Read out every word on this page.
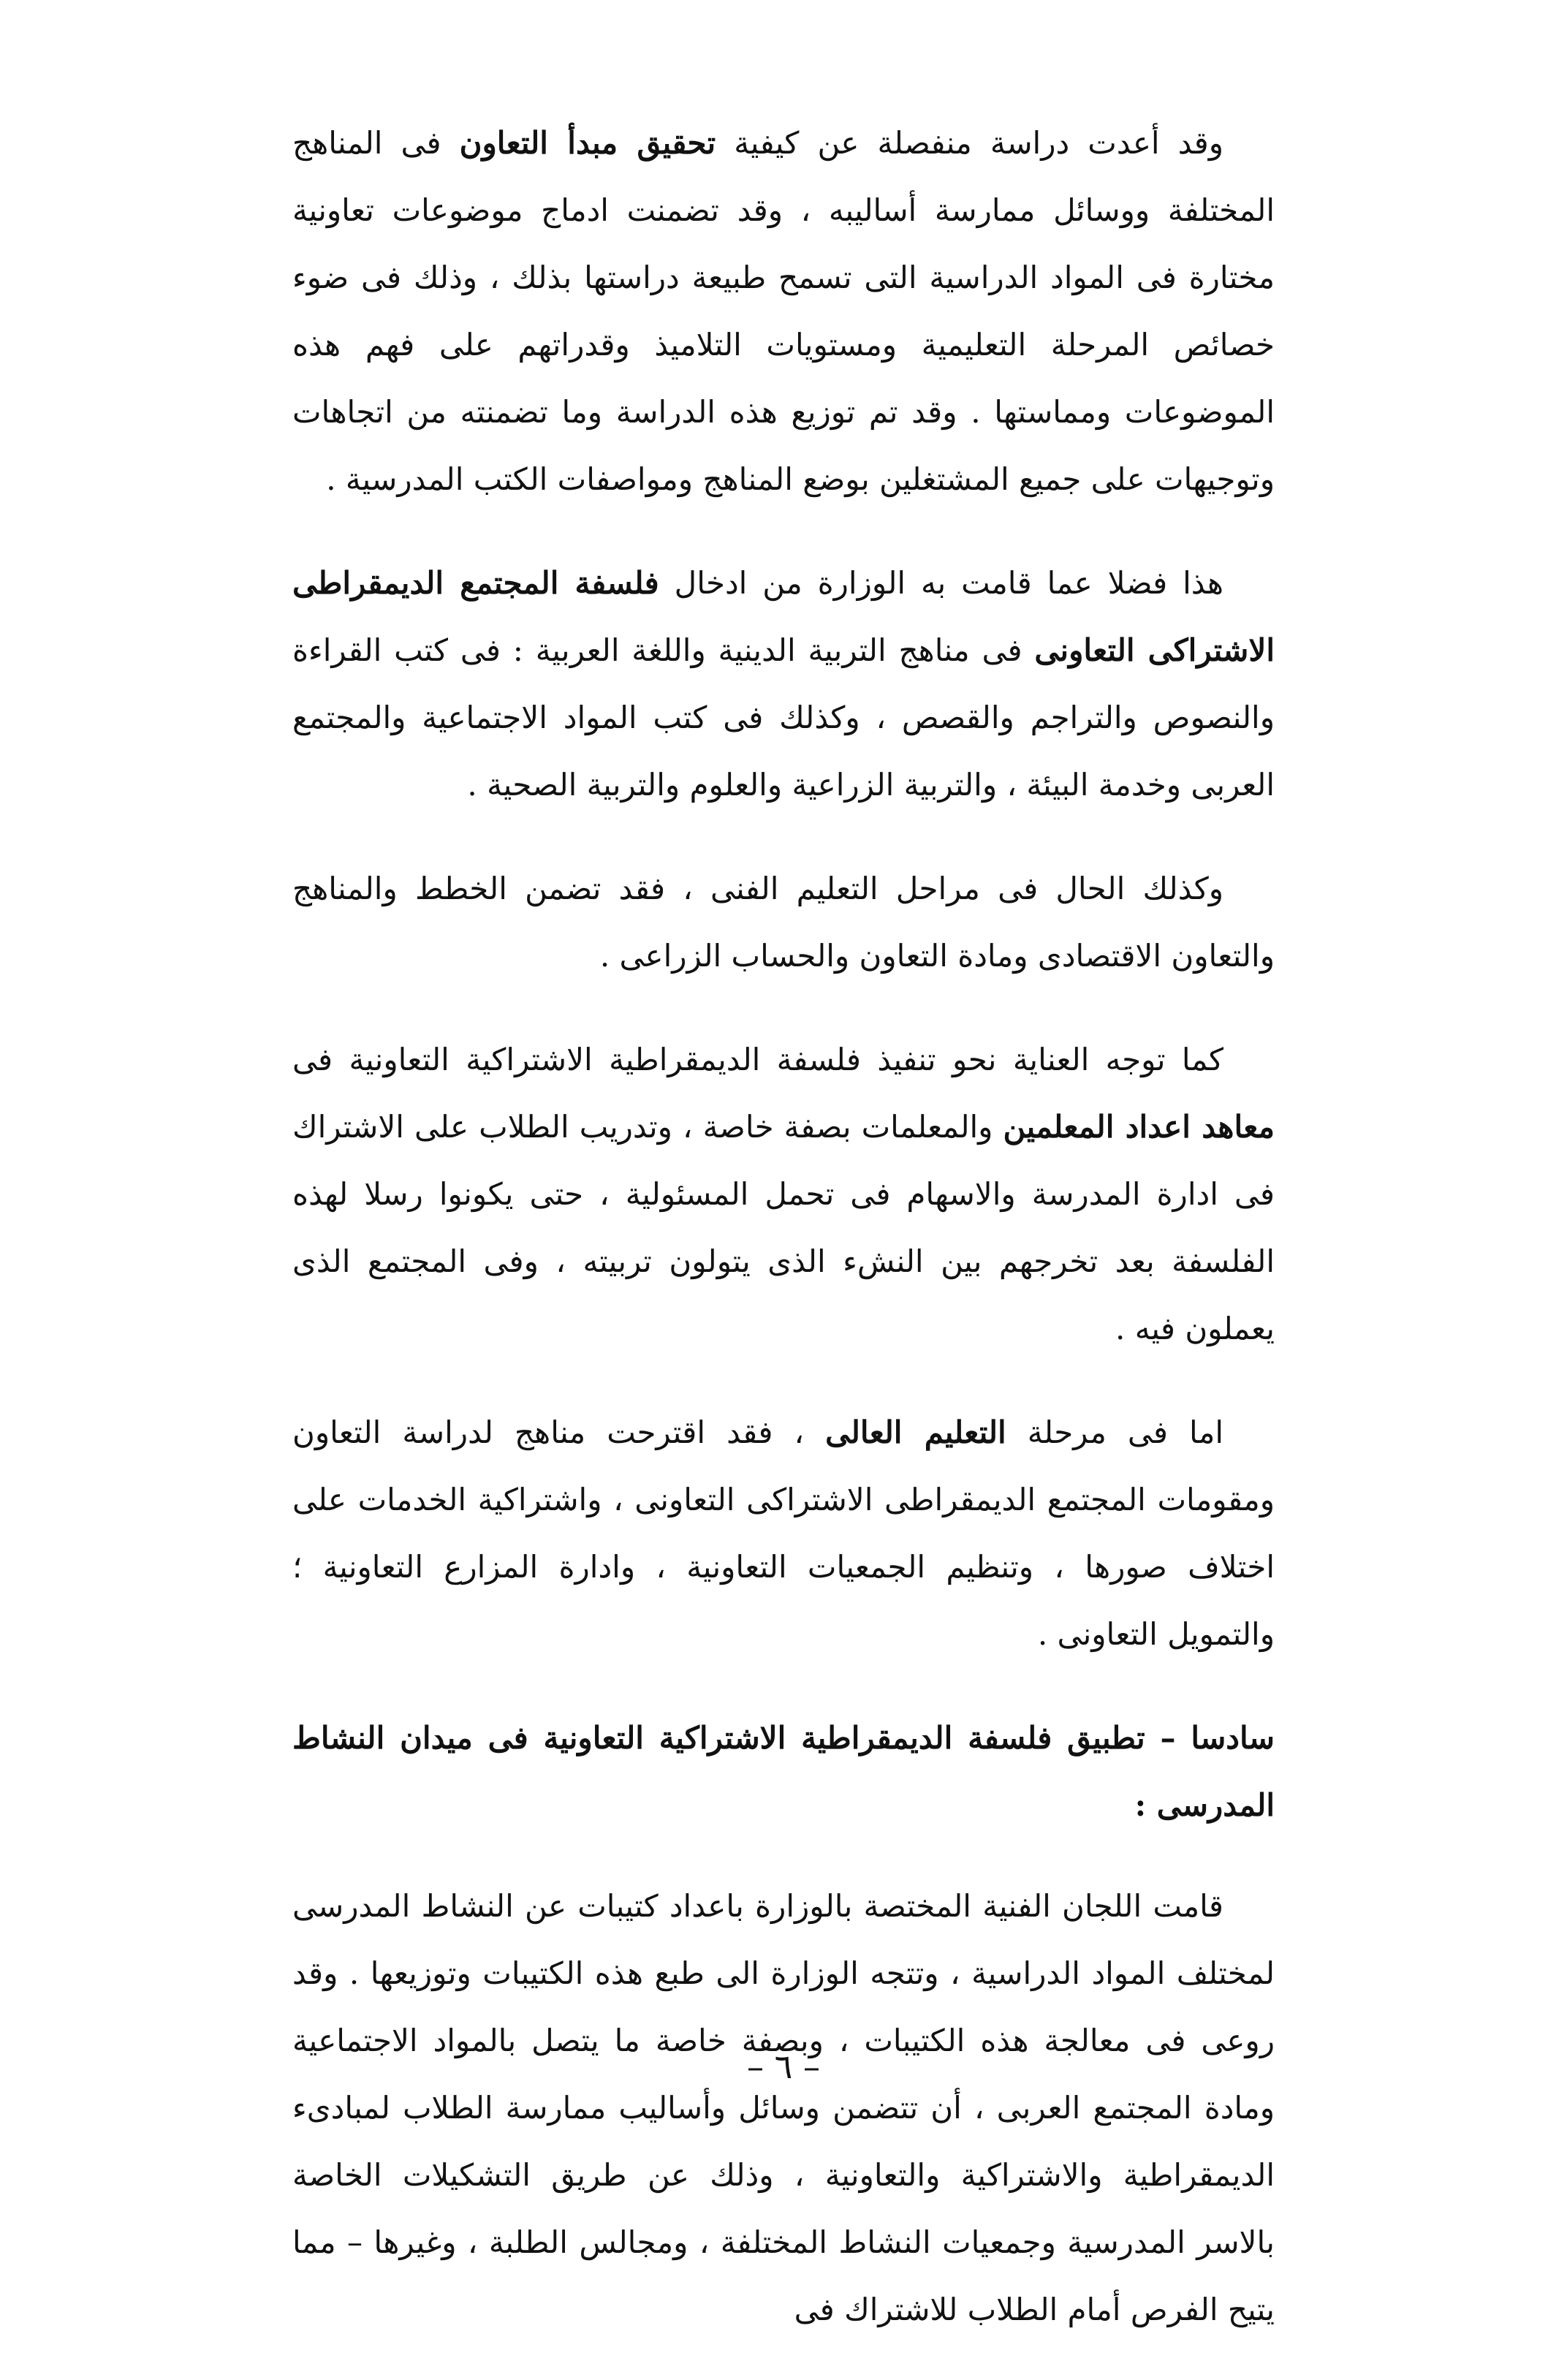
وقد أعدت دراسة منفصلة عن كيفية تحقيق مبدأ التعاون فى المناهج المختلفة ووسائل ممارسة أساليبه ، وقد تضمنت ادماج موضوعات تعاونية مختارة فى المواد الدراسية التى تسمح طبيعة دراستها بذلك ، وذلك فى ضوء خصائص المرحلة التعليمية ومستويات التلاميذ وقدراتهم على فهم هذه الموضوعات ومماستها . وقد تم توزيع هذه الدراسة وما تضمنته من اتجاهات وتوجيهات على جميع المشتغلين بوضع المناهج ومواصفات الكتب المدرسية .

هذا فضلا عما قامت به الوزارة من ادخال فلسفة المجتمع الديمقراطى الاشتراكى التعاونى فى مناهج التربية الدينية واللغة العربية : فى كتب القراءة والنصوص والتراجم والقصص ، وكذلك فى كتب المواد الاجتماعية والمجتمع العربى وخدمة البيئة ، والتربية الزراعية والعلوم والتربية الصحية .

وكذلك الحال فى مراحل التعليم الفنى ، فقد تضمن الخطط والمناهج والتعاون الاقتصادى ومادة التعاون والحساب الزراعى .

كما توجه العناية نحو تنفيذ فلسفة الديمقراطية الاشتراكية التعاونية فى معاهد اعداد المعلمين والمعلمات بصفة خاصة ، وتدريب الطلاب على الاشتراك فى ادارة المدرسة والاسهام فى تحمل المسئولية ، حتى يكونوا رسلا لهذه الفلسفة بعد تخرجهم بين النشء الذى يتولون تربيته ، وفى المجتمع الذى يعملون فيه .

اما فى مرحلة التعليم العالى ، فقد اقترحت مناهج لدراسة التعاون ومقومات المجتمع الديمقراطى الاشتراكى التعاونى ، واشتراكية الخدمات على اختلاف صورها ، وتنظيم الجمعيات التعاونية ، وادارة المزارع التعاونية ؛ والتمويل التعاونى .

سادسا – تطبيق فلسفة الديمقراطية الاشتراكية التعاونية فى ميدان النشاط المدرسى :

قامت اللجان الفنية المختصة بالوزارة باعداد كتيبات عن النشاط المدرسى لمختلف المواد الدراسية ، وتتجه الوزارة الى طبع هذه الكتيبات وتوزيعها . وقد روعى فى معالجة هذه الكتيبات ، وبصفة خاصة ما يتصل بالمواد الاجتماعية ومادة المجتمع العربى ، أن تتضمن وسائل وأساليب ممارسة الطلاب لمبادىء الديمقراطية والاشتراكية والتعاونية ، وذلك عن طريق التشكيلات الخاصة بالاسر المدرسية وجمعيات النشاط المختلفة ، ومجالس الطلبة ، وغيرها – مما يتيح الفرص أمام الطلاب للاشتراك فى

– ٦ –
